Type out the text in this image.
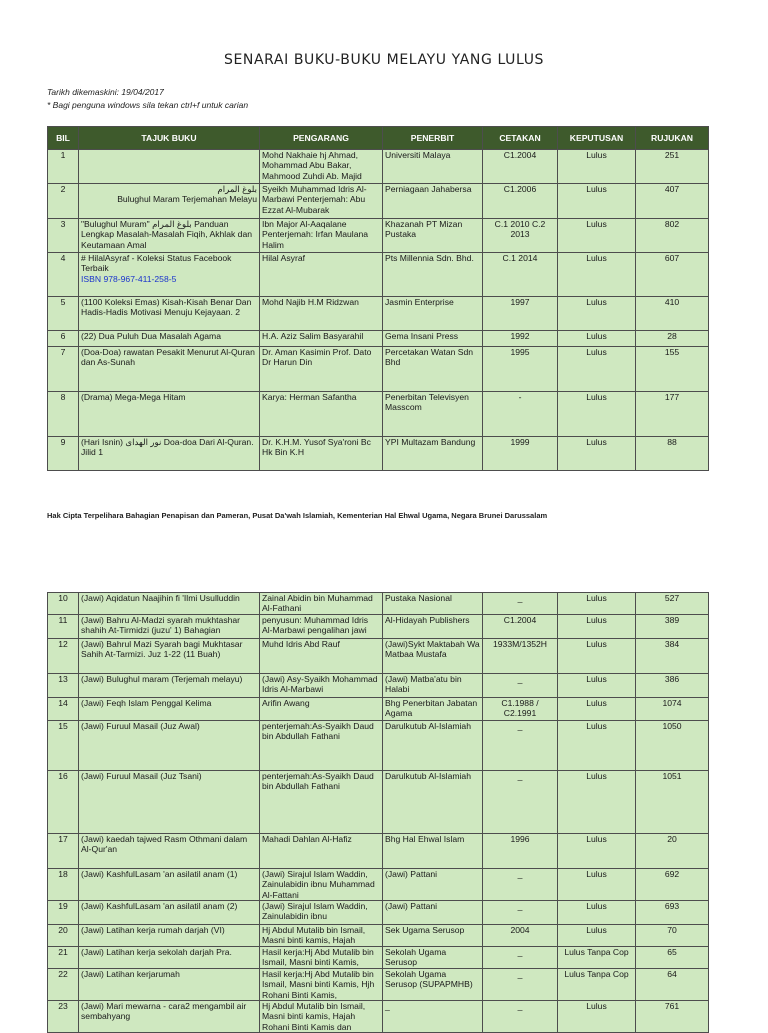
SENARAI BUKU-BUKU MELAYU YANG LULUS
Tarikh dikemaskini: 19/04/2017
* Bagi penguna windows sila tekan ctrl+f untuk carian
BIL	TAJUK BUKU	PENGARANG	PENERBIT	CETAKAN	KEPUTUSAN	RUJUKAN

1		Mohd Nakhaie hj Ahmad, Mohammad Abu Bakar, Mahmood Zuhdi Ab. Majid	Universiti Malaya	C1.2004	Lulus	251

2	بلوغ المرام
Bulughul Maram Terjemahan Melayu	Syeikh Muhammad Idris Al-Marbawi Penterjemah: Abu Ezzat Al-Mubarak	Perniagaan Jahabersa	C1.2006	Lulus	407

3	"Bulughul Muram" بلوغ المرام Panduan Lengkap Masalah-Masalah Fiqih, Akhlak dan Keutamaan Amal	Ibn Major Al-Aaqalane Penterjemah: Irfan Maulana Halim	Khazanah PT Mizan Pustaka	C.1 2010 C.2 2013	Lulus	802

4	# HilalAsyraf - Koleksi Status Facebook Terbaik
ISBN 978-967-411-258-5	Hilal Asyraf	Pts Millennia Sdn. Bhd.	C.1 2014	Lulus	607

5	(1100 Koleksi Emas) Kisah-Kisah Benar Dan Hadis-Hadis Motivasi Menuju Kejayaan. 2	Mohd Najib H.M Ridzwan	Jasmin Enterprise	1997	Lulus	410

6	(22) Dua Puluh Dua Masalah Agama	H.A. Aziz Salim Basyarahil	Gema Insani Press	1992	Lulus	28

7	(Doa-Doa) rawatan Pesakit Menurut Al-Quran dan As-Sunah	Dr. Aman Kasimin Prof. Dato Dr Harun Din	Percetakan Watan Sdn Bhd	1995	Lulus	155

8	(Drama) Mega-Mega Hitam	Karya: Herman Safantha	Penerbitan Televisyen Masscom	-	Lulus	177

9	(Hari Isnin) نور الهداى Doa-doa Dari Al-Quran. Jilid 1	Dr. K.H.M. Yusof Sya'roni Bc Hk Bin K.H	YPI Multazam Bandung	1999	Lulus	88
Hak Cipta Terpelihara Bahagian Penapisan dan Pameran, Pusat Da'wah Islamiah, Kementerian Hal Ehwal Ugama, Negara Brunei Darussalam
10	(Jawi) Aqidatun Naajihin fi 'Ilmi Usulluddin	Zainal Abidin bin Muhammad Al-Fathani	Pustaka Nasional	_	Lulus	527

11	(Jawi) Bahru Al-Madzi syarah mukhtashar shahih At-Tirmidzi (juzu' 1) Bahagian	penyusun: Muhammad Idris Al-Marbawi pengalihan jawi	Al-Hidayah Publishers	C1.2004	Lulus	389

12	(Jawi) Bahrul Mazi Syarah bagi Mukhtasar Sahih At-Tarmizi. Juz 1-22 (11 Buah)	Muhd Idris Abd Rauf	(Jawi)Sykt Maktabah Wa Matbaa Mustafa	1933M/1352H	Lulus	384

13	(Jawi) Bulughul maram (Terjemah melayu)	(Jawi) Asy-Syaikh Mohammad Idris Al-Marbawi	(Jawi) Matba'atu bin Halabi	_	Lulus	386

14	(Jawi) Feqh Islam Penggal Kelima	Arifin Awang	Bhg Penerbitan Jabatan Agama	C1.1988 / C2.1991	Lulus	1074

15	(Jawi) Furuul Masail (Juz Awal)	penterjemah:As-Syaikh Daud bin Abdullah Fathani	Darulkutub Al-Islamiah	_	Lulus	1050

16	(Jawi) Furuul Masail (Juz Tsani)	penterjemah:As-Syaikh Daud bin Abdullah Fathani	Darulkutub Al-Islamiah	_	Lulus	1051

17	(Jawi) kaedah tajwed Rasm Othmani dalam Al-Qur'an	Mahadi Dahlan Al-Hafiz	Bhg Hal Ehwal Islam	1996	Lulus	20

18	(Jawi) KashfulLasam 'an asilatil anam (1)	(Jawi) Sirajul Islam Waddin, Zainulabidin ibnu Muhammad Al-Fattani	(Jawi) Pattani	_	Lulus	692

19	(Jawi) KashfulLasam 'an asilatil anam (2)	(Jawi) Sirajul Islam Waddin, Zainulabidin ibnu	(Jawi) Pattani	_	Lulus	693

20	(Jawi) Latihan kerja rumah darjah (VI)	Hj Abdul Mutalib bin Ismail, Masni binti kamis, Hajah	Sek Ugama Serusop	2004	Lulus	70

21	(Jawi) Latihan kerja sekolah darjah Pra.	Hasil kerja:Hj Abd Mutalib bin Ismail, Masni binti Kamis,	Sekolah Ugama Serusop	_	Lulus Tanpa Cop	65

22	(Jawi) Latihan kerjarumah	Hasil kerja:Hj Abd Mutalib bin Ismail, Masni binti Kamis, Hjh Rohani Binti Kamis,	Sekolah Ugama Serusop (SUPAPMHB)	_	Lulus Tanpa Cop	64

23	(Jawi) Mari mewarna - cara2 mengambil air sembahyang	Hj Abdul Mutalib bin Ismail, Masni binti kamis, Hajah Rohani Binti Kamis dan	_	_	Lulus	761
